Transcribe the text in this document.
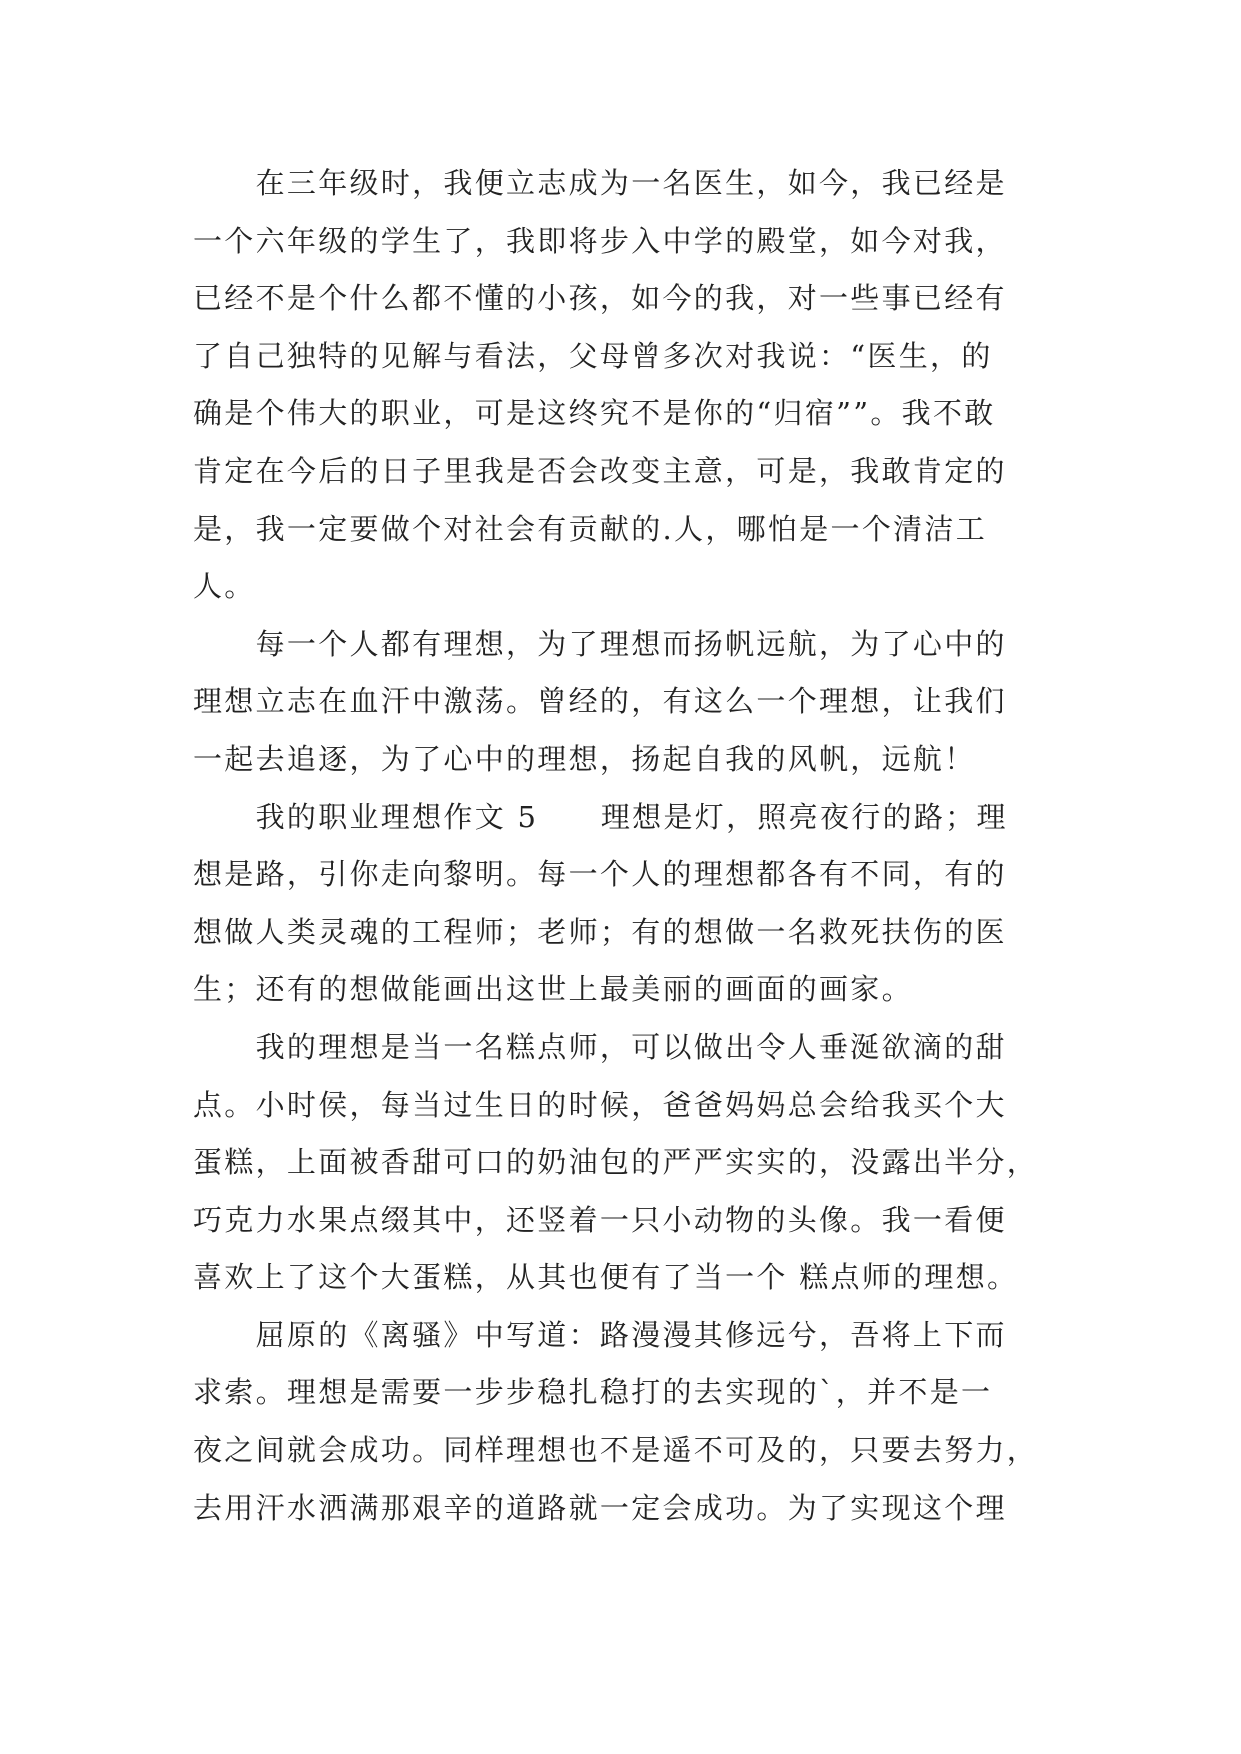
　　在三年级时，我便立志成为一名医生，如今，我已经是
一个六年级的学生了，我即将步入中学的殿堂，如今对我，
已经不是个什么都不懂的小孩，如今的我，对一些事已经有
了自己独特的见解与看法，父母曾多次对我说：“医生，的
确是个伟大的职业，可是这终究不是你的“归宿””。我不敢
肯定在今后的日子里我是否会改变主意，可是，我敢肯定的
是，我一定要做个对社会有贡献的.人，哪怕是一个清洁工
人。
　　每一个人都有理想，为了理想而扬帆远航，为了心中的
理想立志在血汗中激荡。曾经的，有这么一个理想，让我们
一起去追逐，为了心中的理想，扬起自我的风帆，远航！
　　我的职业理想作文 5　　理想是灯，照亮夜行的路；理
想是路，引你走向黎明。每一个人的理想都各有不同，有的
想做人类灵魂的工程师；老师；有的想做一名救死扶伤的医
生；还有的想做能画出这世上最美丽的画面的画家。
　　我的理想是当一名糕点师，可以做出令人垂涎欲滴的甜
点。小时侯，每当过生日的时候，爸爸妈妈总会给我买个大
蛋糕，上面被香甜可口的奶油包的严严实实的，没露出半分，
巧克力水果点缀其中，还竖着一只小动物的头像。我一看便
喜欢上了这个大蛋糕，从其也便有了当一个 糕点师的理想。
　　屈原的《离骚》中写道：路漫漫其修远兮，吾将上下而
求索。理想是需要一步步稳扎稳打的去实现的`，并不是一
夜之间就会成功。同样理想也不是遥不可及的，只要去努力，
去用汗水洒满那艰辛的道路就一定会成功。为了实现这个理
